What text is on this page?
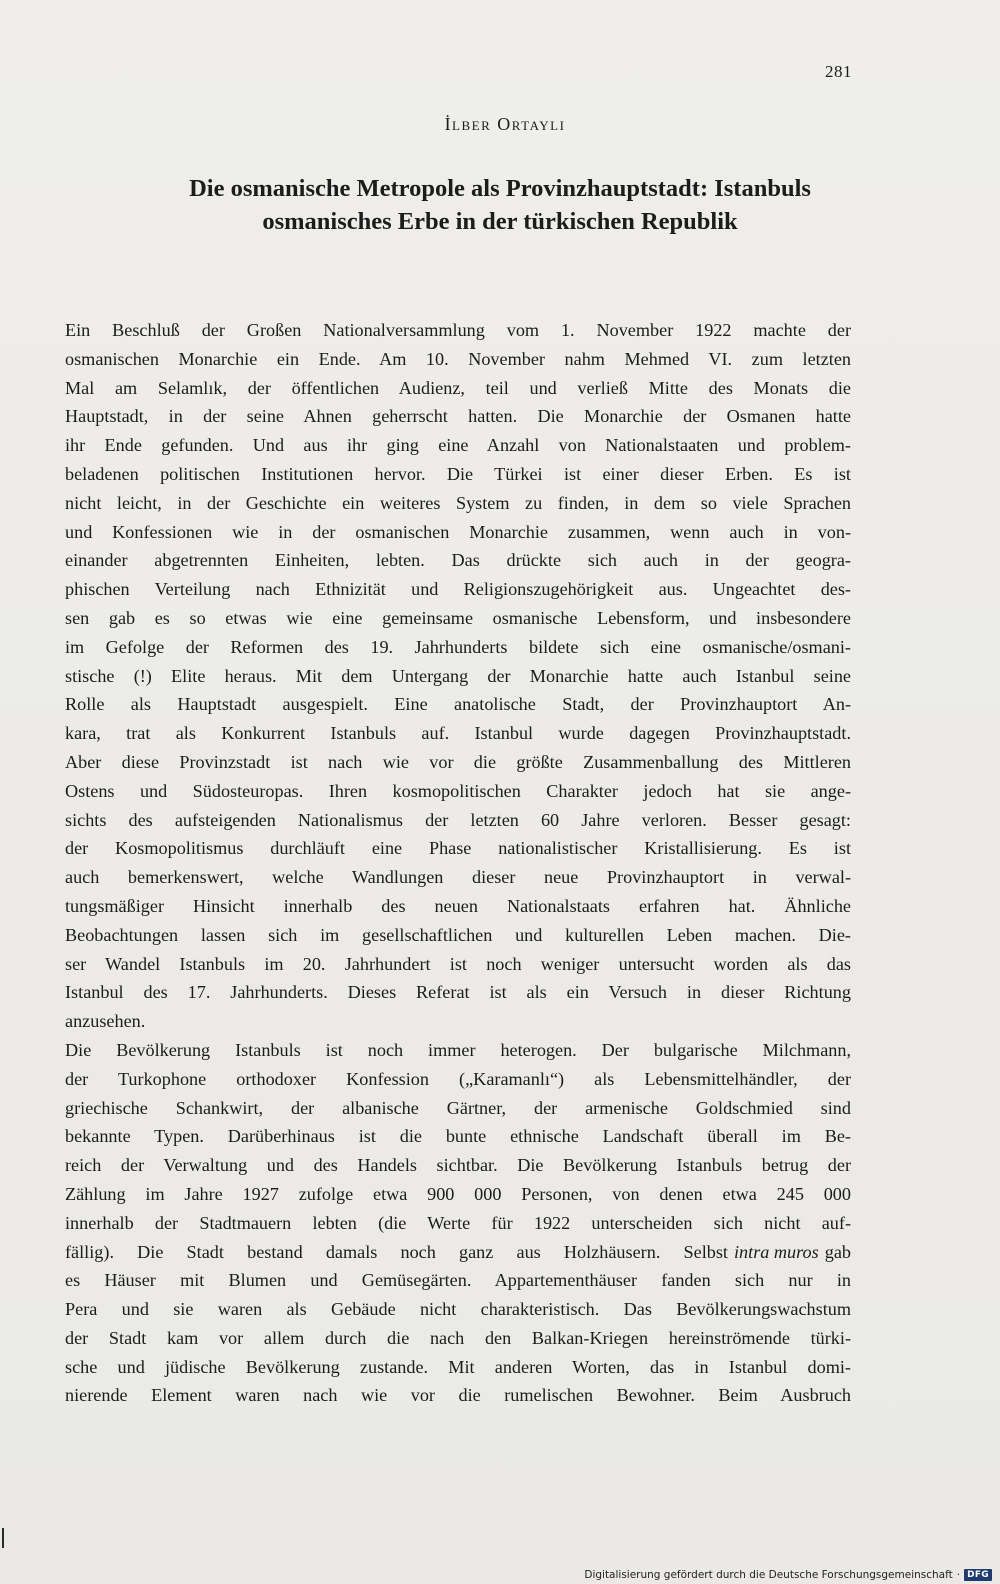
281
İlber Ortayli
Die osmanische Metropole als Provinzhauptstadt: Istanbuls
osmanisches Erbe in der türkischen Republik
Ein Beschluß der Großen Nationalversammlung vom 1. November 1922 machte der
osmanischen Monarchie ein Ende. Am 10. November nahm Mehmed VI. zum letzten
Mal am Selamlık, der öffentlichen Audienz, teil und verließ Mitte des Monats die
Hauptstadt, in der seine Ahnen geherrscht hatten. Die Monarchie der Osmanen hatte
ihr Ende gefunden. Und aus ihr ging eine Anzahl von Nationalstaaten und problem-
beladenen politischen Institutionen hervor. Die Türkei ist einer dieser Erben. Es ist
nicht leicht, in der Geschichte ein weiteres System zu finden, in dem so viele Sprachen
und Konfessionen wie in der osmanischen Monarchie zusammen, wenn auch in von-
einander abgetrennten Einheiten, lebten. Das drückte sich auch in der geogra-
phischen Verteilung nach Ethnizität und Religionszugehörigkeit aus. Ungeachtet des-
sen gab es so etwas wie eine gemeinsame osmanische Lebensform, und insbesondere
im Gefolge der Reformen des 19. Jahrhunderts bildete sich eine osmanische/osmani-
stische (!) Elite heraus. Mit dem Untergang der Monarchie hatte auch Istanbul seine
Rolle als Hauptstadt ausgespielt. Eine anatolische Stadt, der Provinzhauptort An-
kara, trat als Konkurrent Istanbuls auf. Istanbul wurde dagegen Provinzhauptstadt.
Aber diese Provinzstadt ist nach wie vor die größte Zusammenballung des Mittleren
Ostens und Südosteuropas. Ihren kosmopolitischen Charakter jedoch hat sie ange-
sichts des aufsteigenden Nationalismus der letzten 60 Jahre verloren. Besser gesagt:
der Kosmopolitismus durchläuft eine Phase nationalistischer Kristallisierung. Es ist
auch bemerkenswert, welche Wandlungen dieser neue Provinzhauptort in verwal-
tungsmäßiger Hinsicht innerhalb des neuen Nationalstaats erfahren hat. Ähnliche
Beobachtungen lassen sich im gesellschaftlichen und kulturellen Leben machen. Die-
ser Wandel Istanbuls im 20. Jahrhundert ist noch weniger untersucht worden als das
Istanbul des 17. Jahrhunderts. Dieses Referat ist als ein Versuch in dieser Richtung
anzusehen.
Die Bevölkerung Istanbuls ist noch immer heterogen. Der bulgarische Milchmann,
der Turkophone orthodoxer Konfession („Karamanlı“) als Lebensmittelhändler, der
griechische Schankwirt, der albanische Gärtner, der armenische Goldschmied sind
bekannte Typen. Darüberhinaus ist die bunte ethnische Landschaft überall im Be-
reich der Verwaltung und des Handels sichtbar. Die Bevölkerung Istanbuls betrug der
Zählung im Jahre 1927 zufolge etwa 900 000 Personen, von denen etwa 245 000
innerhalb der Stadtmauern lebten (die Werte für 1922 unterscheiden sich nicht auf-
fällig). Die Stadt bestand damals noch ganz aus Holzhäusern. Selbst intra muros gab
es Häuser mit Blumen und Gemüsegärten. Appartementhäuser fanden sich nur in
Pera und sie waren als Gebäude nicht charakteristisch. Das Bevölkerungswachstum
der Stadt kam vor allem durch die nach den Balkan-Kriegen hereinströmende türki-
sche und jüdische Bevölkerung zustande. Mit anderen Worten, das in Istanbul domi-
nierende Element waren nach wie vor die rumelischen Bewohner. Beim Ausbruch
Digitalisierung gefördert durch die Deutsche Forschungsgemeinschaft · DFG
